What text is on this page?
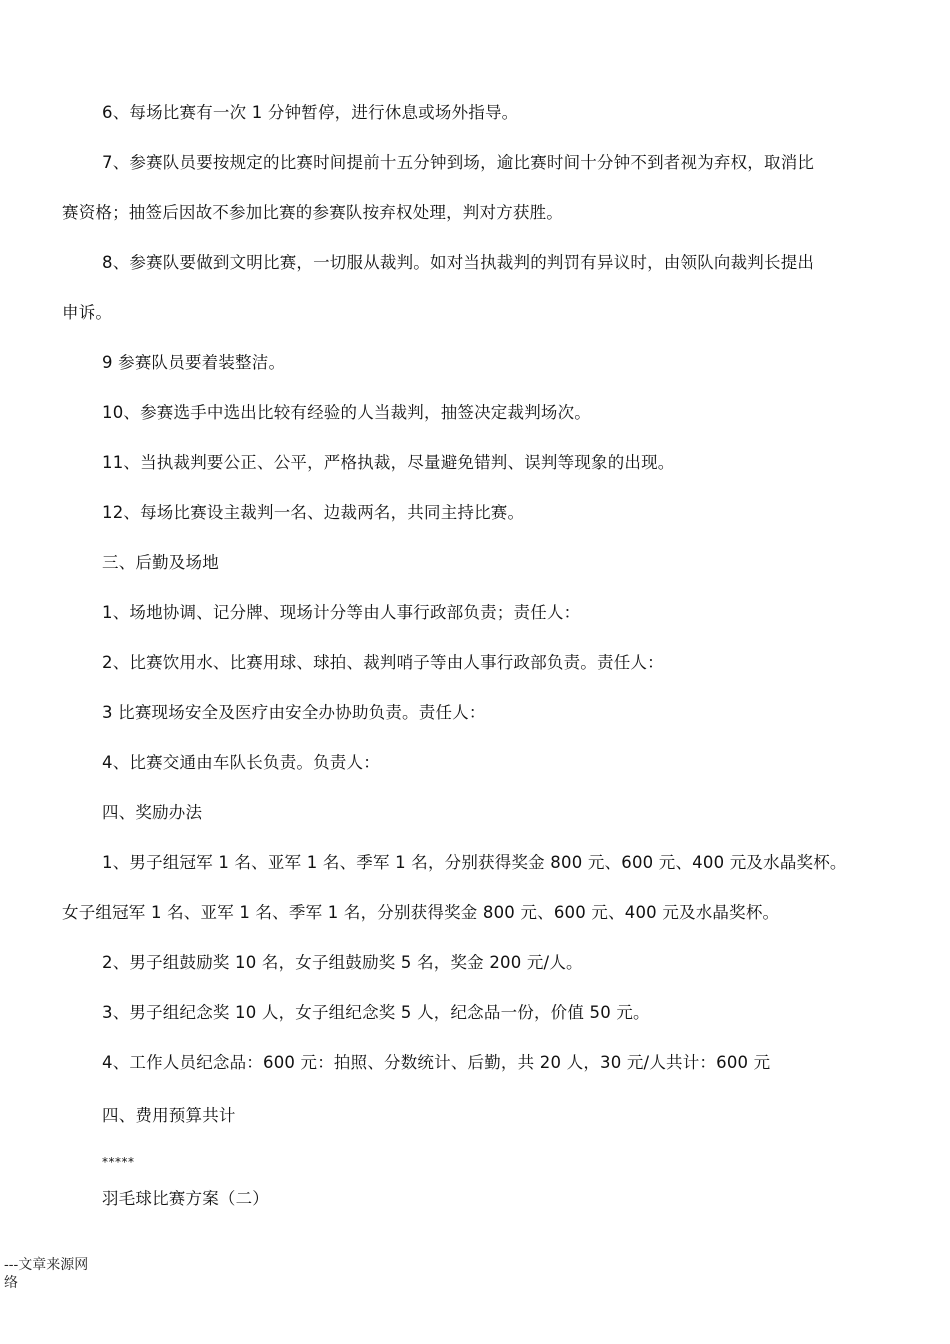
6、每场比赛有一次 1 分钟暂停，进行休息或场外指导。
7、参赛队员要按规定的比赛时间提前十五分钟到场，逾比赛时间十分钟不到者视为弃权，取消比
赛资格；抽签后因故不参加比赛的参赛队按弃权处理，判对方获胜。
8、参赛队要做到文明比赛，一切服从裁判。如对当执裁判的判罚有异议时，由领队向裁判长提出
申诉。
9 参赛队员要着装整洁。
10、参赛选手中选出比较有经验的人当裁判，抽签决定裁判场次。
11、当执裁判要公正、公平，严格执裁，尽量避免错判、误判等现象的出现。
12、每场比赛设主裁判一名、边裁两名，共同主持比赛。
三、后勤及场地
1、场地协调、记分牌、现场计分等由人事行政部负责；责任人：
2、比赛饮用水、比赛用球、球拍、裁判哨子等由人事行政部负责。责任人：
3 比赛现场安全及医疗由安全办协助负责。责任人：
4、比赛交通由车队长负责。负责人：
四、奖励办法
1、男子组冠军 1 名、亚军 1 名、季军 1 名，分别获得奖金 800 元、600 元、400 元及水晶奖杯。
女子组冠军 1 名、亚军 1 名、季军 1 名，分别获得奖金 800 元、600 元、400 元及水晶奖杯。
2、男子组鼓励奖 10 名，女子组鼓励奖 5 名，奖金 200 元/人。
3、男子组纪念奖 10 人，女子组纪念奖 5 人，纪念品一份，价值 50 元。
4、工作人员纪念品：600 元：拍照、分数统计、后勤，共 20 人，30 元/人共计：600 元
四、费用预算共计
*****
羽毛球比赛方案（二）
---文章来源网
络
